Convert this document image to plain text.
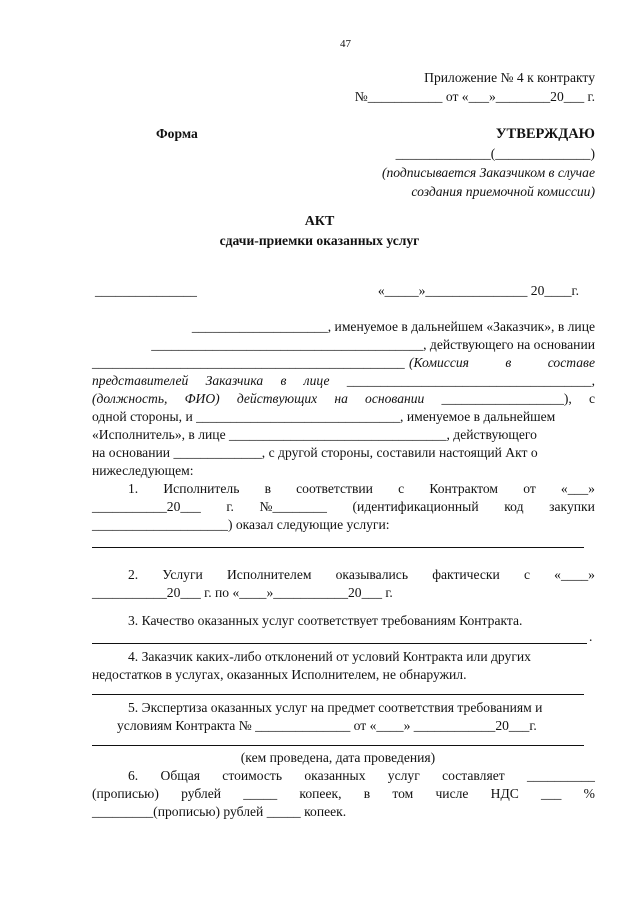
47
Приложение № 4 к контракту
№___________ от «___»________20___ г.
Форма	УТВЕРЖДАЮ
______________(______________)
(подписывается Заказчиком в случае
создания приемочной комиссии)
АКТ
сдачи-приемки оказанных услуг
_______________	«_____»_______________ 20____г.
____________________, именуемое в дальнейшем «Заказчик», в лице
________________________________________, действующего на основании
______________________________________________ (Комиссия	в	составе
представителей Заказчика в лице ____________________________________,
(должность, ФИО) действующих на основании __________________), с
одной стороны, и ______________________________, именуемое в дальнейшем
«Исполнитель», в лице ________________________________, действующего
на основании _____________, с другой стороны, составили настоящий Акт о
нижеследующем:
1. Исполнитель в соответствии с Контрактом от «___»
___________20___ г. №________ (идентификационный код закупки
____________________) оказал следующие услуги:
2. Услуги Исполнителем оказывались фактически с «____»
___________20___ г. по «____»___________20___ г.
3. Качество оказанных услуг соответствует требованиям Контракта.
.
4. Заказчик каких-либо отклонений от условий Контракта или других
недостатков в услугах, оказанных Исполнителем, не обнаружил.
5. Экспертиза оказанных услуг на предмет соответствия требованиям и
условиям Контракта № ______________ от «____» ____________20___г.
(кем проведена, дата проведения)
6. Общая стоимость оказанных услуг составляет __________
(прописью) рублей _____ копеек, в том числе НДС ___ %
_________(прописью) рублей _____ копеек.
